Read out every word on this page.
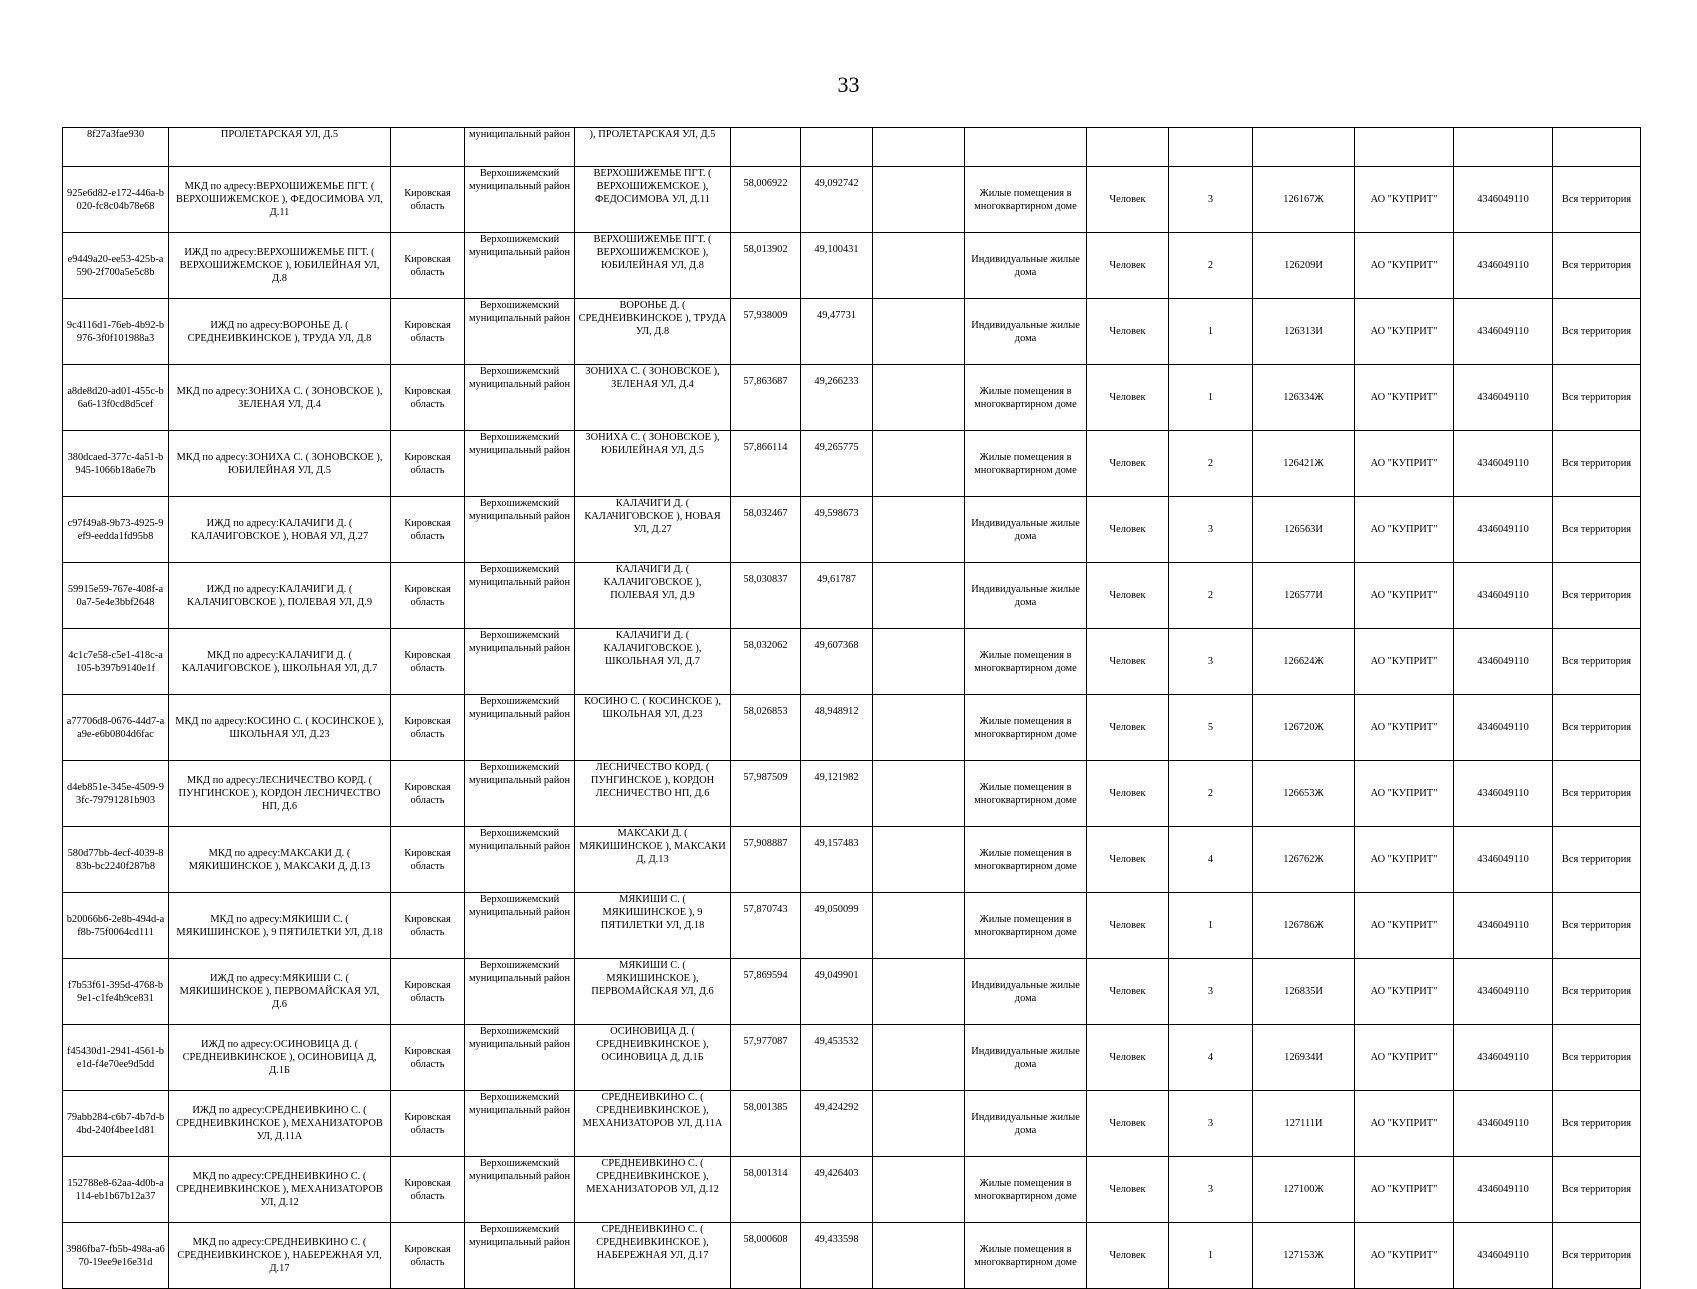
33
8f27a3fae930	ПРОЛЕТАРСКАЯ УЛ, Д.5		муниципальный район	), ПРОЛЕТАРСКАЯ УЛ, Д.5										
925e6d82-e172-446a-b020-fc8c04b78e68	МКД по адресу:ВЕРХОШИЖЕМЬЕ ПГТ. ( ВЕРХОШИЖЕМСКОЕ ), ФЕДОСИМОВА УЛ, Д.11	Кировская область	Верхошижемский муниципальный район	ВЕРХОШИЖЕМЬЕ ПГТ. ( ВЕРХОШИЖЕМСКОЕ ), ФЕДОСИМОВА УЛ, Д.11	58,006922	49,092742		Жилые помещения в многоквартирном доме	Человек	3	126167Ж	АО "КУПРИТ"	4346049110	Вся территория
e9449a20-ee53-425b-a590-2f700a5e5c8b	ИЖД по адресу:ВЕРХОШИЖЕМЬЕ ПГТ. ( ВЕРХОШИЖЕМСКОЕ ), ЮБИЛЕЙНАЯ УЛ, Д.8	Кировская область	Верхошижемский муниципальный район	ВЕРХОШИЖЕМЬЕ ПГТ. ( ВЕРХОШИЖЕМСКОЕ ), ЮБИЛЕЙНАЯ УЛ, Д.8	58,013902	49,100431		Индивидуальные жилые дома	Человек	2	126209И	АО "КУПРИТ"	4346049110	Вся территория
9c4116d1-76eb-4b92-b976-3f0f101988a3	ИЖД по адресу:ВОРОНЬЕ Д. ( СРЕДНЕИВКИНСКОЕ ), ТРУДА УЛ, Д.8	Кировская область	Верхошижемский муниципальный район	ВОРОНЬЕ Д. ( СРЕДНЕИВКИНСКОЕ ), ТРУДА УЛ, Д.8	57,938009	49,47731		Индивидуальные жилые дома	Человек	1	126313И	АО "КУПРИТ"	4346049110	Вся территория
a8de8d20-ad01-455c-b6a6-13f0cd8d5cef	МКД по адресу:ЗОНИХА С. ( ЗОНОВСКОЕ ), ЗЕЛЕНАЯ УЛ, Д.4	Кировская область	Верхошижемский муниципальный район	ЗОНИХА С. ( ЗОНОВСКОЕ ), ЗЕЛЕНАЯ УЛ, Д.4	57,863687	49,266233		Жилые помещения в многоквартирном доме	Человек	1	126334Ж	АО "КУПРИТ"	4346049110	Вся территория
380dcaed-377c-4a51-b945-1066b18a6e7b	МКД по адресу:ЗОНИХА С. ( ЗОНОВСКОЕ ), ЮБИЛЕЙНАЯ УЛ, Д.5	Кировская область	Верхошижемский муниципальный район	ЗОНИХА С. ( ЗОНОВСКОЕ ), ЮБИЛЕЙНАЯ УЛ, Д.5	57,866114	49,265775		Жилые помещения в многоквартирном доме	Человек	2	126421Ж	АО "КУПРИТ"	4346049110	Вся территория
c97f49a8-9b73-4925-9ef9-eedda1fd95b8	ИЖД по адресу:КАЛАЧИГИ Д. ( КАЛАЧИГОВСКОЕ ), НОВАЯ УЛ, Д.27	Кировская область	Верхошижемский муниципальный район	КАЛАЧИГИ Д. ( КАЛАЧИГОВСКОЕ ), НОВАЯ УЛ, Д.27	58,032467	49,598673		Индивидуальные жилые дома	Человек	3	126563И	АО "КУПРИТ"	4346049110	Вся территория
59915e59-767e-408f-a0a7-5e4e3bbf2648	ИЖД по адресу:КАЛАЧИГИ Д. ( КАЛАЧИГОВСКОЕ ), ПОЛЕВАЯ УЛ, Д.9	Кировская область	Верхошижемский муниципальный район	КАЛАЧИГИ Д. ( КАЛАЧИГОВСКОЕ ), ПОЛЕВАЯ УЛ, Д.9	58,030837	49,61787		Индивидуальные жилые дома	Человек	2	126577И	АО "КУПРИТ"	4346049110	Вся территория
4c1c7e58-c5e1-418c-a105-b397b9140e1f	МКД по адресу:КАЛАЧИГИ Д. ( КАЛАЧИГОВСКОЕ ), ШКОЛЬНАЯ УЛ, Д.7	Кировская область	Верхошижемский муниципальный район	КАЛАЧИГИ Д. ( КАЛАЧИГОВСКОЕ ), ШКОЛЬНАЯ УЛ, Д.7	58,032062	49,607368		Жилые помещения в многоквартирном доме	Человек	3	126624Ж	АО "КУПРИТ"	4346049110	Вся территория
a77706d8-0676-44d7-aa9e-e6b0804d6fac	МКД по адресу:КОСИНО С. ( КОСИНСКОЕ ), ШКОЛЬНАЯ УЛ, Д.23	Кировская область	Верхошижемский муниципальный район	КОСИНО С. ( КОСИНСКОЕ ), ШКОЛЬНАЯ УЛ, Д.23	58,026853	48,948912		Жилые помещения в многоквартирном доме	Человек	5	126720Ж	АО "КУПРИТ"	4346049110	Вся территория
d4eb851e-345e-4509-93fc-79791281b903	МКД по адресу:ЛЕСНИЧЕСТВО КОРД. ( ПУНГИНСКОЕ ), КОРДОН ЛЕСНИЧЕСТВО НП, Д.6	Кировская область	Верхошижемский муниципальный район	ЛЕСНИЧЕСТВО КОРД. ( ПУНГИНСКОЕ ), КОРДОН ЛЕСНИЧЕСТВО НП, Д.6	57,987509	49,121982		Жилые помещения в многоквартирном доме	Человек	2	126653Ж	АО "КУПРИТ"	4346049110	Вся территория
580d77bb-4ecf-4039-883b-bc2240f287b8	МКД по адресу:МАКСАКИ Д. ( МЯКИШИНСКОЕ ), МАКСАКИ Д, Д.13	Кировская область	Верхошижемский муниципальный район	МАКСАКИ Д. ( МЯКИШИНСКОЕ ), МАКСАКИ Д, Д.13	57,908887	49,157483		Жилые помещения в многоквартирном доме	Человек	4	126762Ж	АО "КУПРИТ"	4346049110	Вся территория
b20066b6-2e8b-494d-af8b-75f0064cd111	МКД по адресу:МЯКИШИ С. ( МЯКИШИНСКОЕ ), 9 ПЯТИЛЕТКИ УЛ, Д.18	Кировская область	Верхошижемский муниципальный район	МЯКИШИ С. ( МЯКИШИНСКОЕ ), 9 ПЯТИЛЕТКИ УЛ, Д.18	57,870743	49,050099		Жилые помещения в многоквартирном доме	Человек	1	126786Ж	АО "КУПРИТ"	4346049110	Вся территория
f7b53f61-395d-4768-b9e1-c1fe4b9ce831	ИЖД по адресу:МЯКИШИ С. ( МЯКИШИНСКОЕ ), ПЕРВОМАЙСКАЯ УЛ, Д.6	Кировская область	Верхошижемский муниципальный район	МЯКИШИ С. ( МЯКИШИНСКОЕ ), ПЕРВОМАЙСКАЯ УЛ, Д.6	57,869594	49,049901		Индивидуальные жилые дома	Человек	3	126835И	АО "КУПРИТ"	4346049110	Вся территория
f45430d1-2941-4561-be1d-f4e70ee9d5dd	ИЖД по адресу:ОСИНОВИЦА Д. ( СРЕДНЕИВКИНСКОЕ ), ОСИНОВИЦА Д, Д.1Б	Кировская область	Верхошижемский муниципальный район	ОСИНОВИЦА Д. ( СРЕДНЕИВКИНСКОЕ ), ОСИНОВИЦА Д, Д.1Б	57,977087	49,453532		Индивидуальные жилые дома	Человек	4	126934И	АО "КУПРИТ"	4346049110	Вся территория
79abb284-c6b7-4b7d-b4bd-240f4bee1d81	ИЖД по адресу:СРЕДНЕИВКИНО С. ( СРЕДНЕИВКИНСКОЕ ), МЕХАНИЗАТОРОВ УЛ, Д.11А	Кировская область	Верхошижемский муниципальный район	СРЕДНЕИВКИНО С. ( СРЕДНЕИВКИНСКОЕ ), МЕХАНИЗАТОРОВ УЛ, Д.11А	58,001385	49,424292		Индивидуальные жилые дома	Человек	3	127111И	АО "КУПРИТ"	4346049110	Вся территория
152788e8-62aa-4d0b-a114-eb1b67b12a37	МКД по адресу:СРЕДНЕИВКИНО С. ( СРЕДНЕИВКИНСКОЕ ), МЕХАНИЗАТОРОВ УЛ, Д.12	Кировская область	Верхошижемский муниципальный район	СРЕДНЕИВКИНО С. ( СРЕДНЕИВКИНСКОЕ ), МЕХАНИЗАТОРОВ УЛ, Д.12	58,001314	49,426403		Жилые помещения в многоквартирном доме	Человек	3	127100Ж	АО "КУПРИТ"	4346049110	Вся территория
3986fba7-fb5b-498a-a670-19ee9e16e31d	МКД по адресу:СРЕДНЕИВКИНО С. ( СРЕДНЕИВКИНСКОЕ ), НАБЕРЕЖНАЯ УЛ, Д.17	Кировская область	Верхошижемский муниципальный район	СРЕДНЕИВКИНО С. ( СРЕДНЕИВКИНСКОЕ ), НАБЕРЕЖНАЯ УЛ, Д.17	58,000608	49,433598		Жилые помещения в многоквартирном доме	Человек	1	127153Ж	АО "КУПРИТ"	4346049110	Вся территория
